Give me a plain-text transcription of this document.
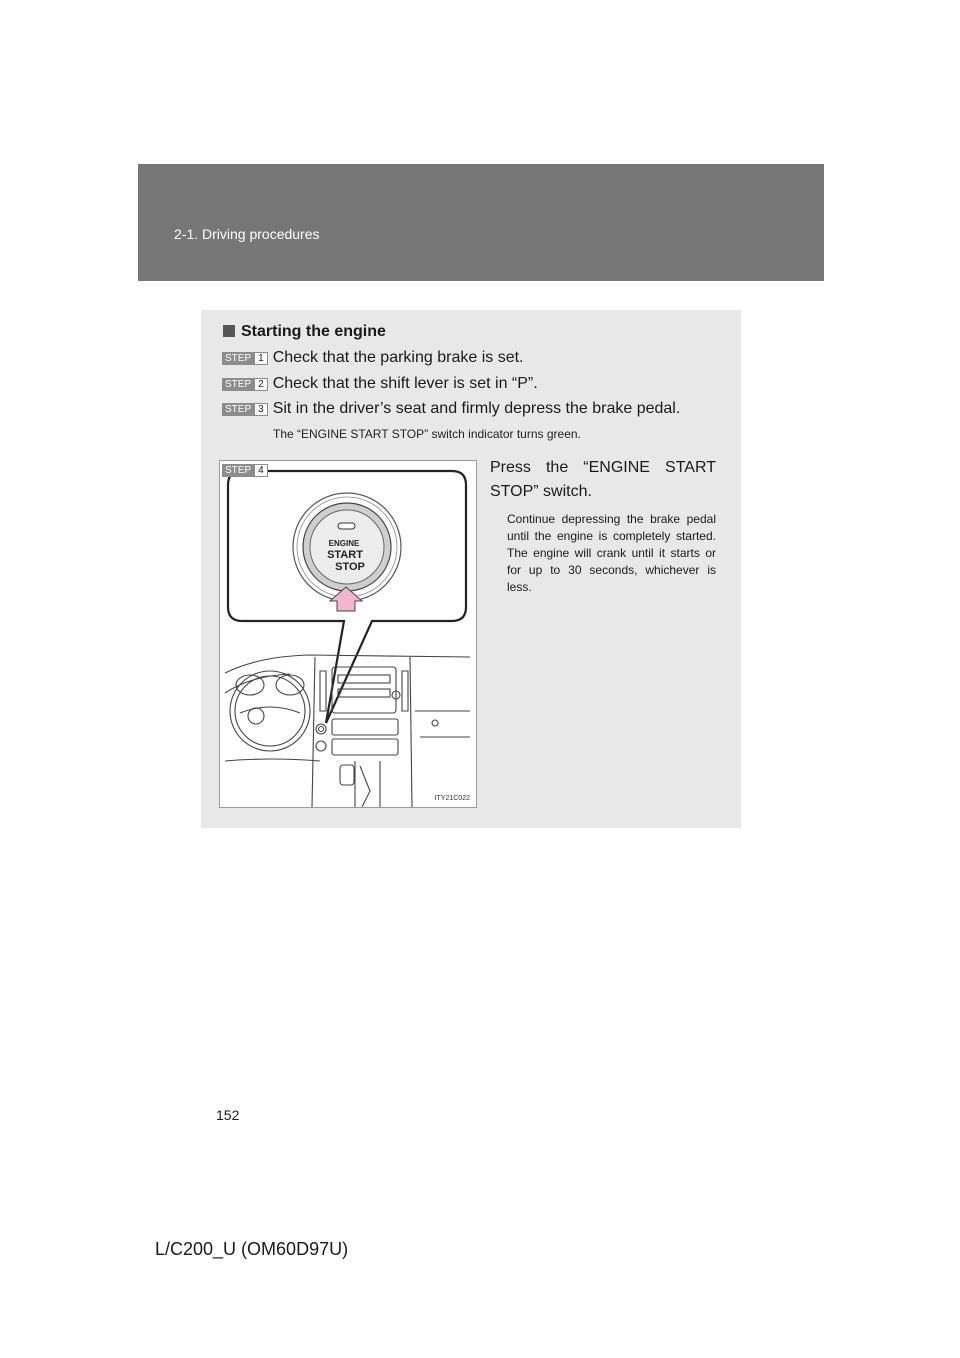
2-1. Driving procedures
Starting the engine
STEP 1 Check that the parking brake is set.
STEP 2 Check that the shift lever is set in “P”.
STEP 3 Sit in the driver’s seat and firmly depress the brake pedal.
The “ENGINE START STOP” switch indicator turns green.
STEP 4
ENGINE
START
STOP
ITY21C022
Press the “ENGINE START STOP” switch.
Continue depressing the brake pedal until the engine is completely started. The engine will crank until it starts or for up to 30 seconds, whichever is less.
152
L/C200_U (OM60D97U)
